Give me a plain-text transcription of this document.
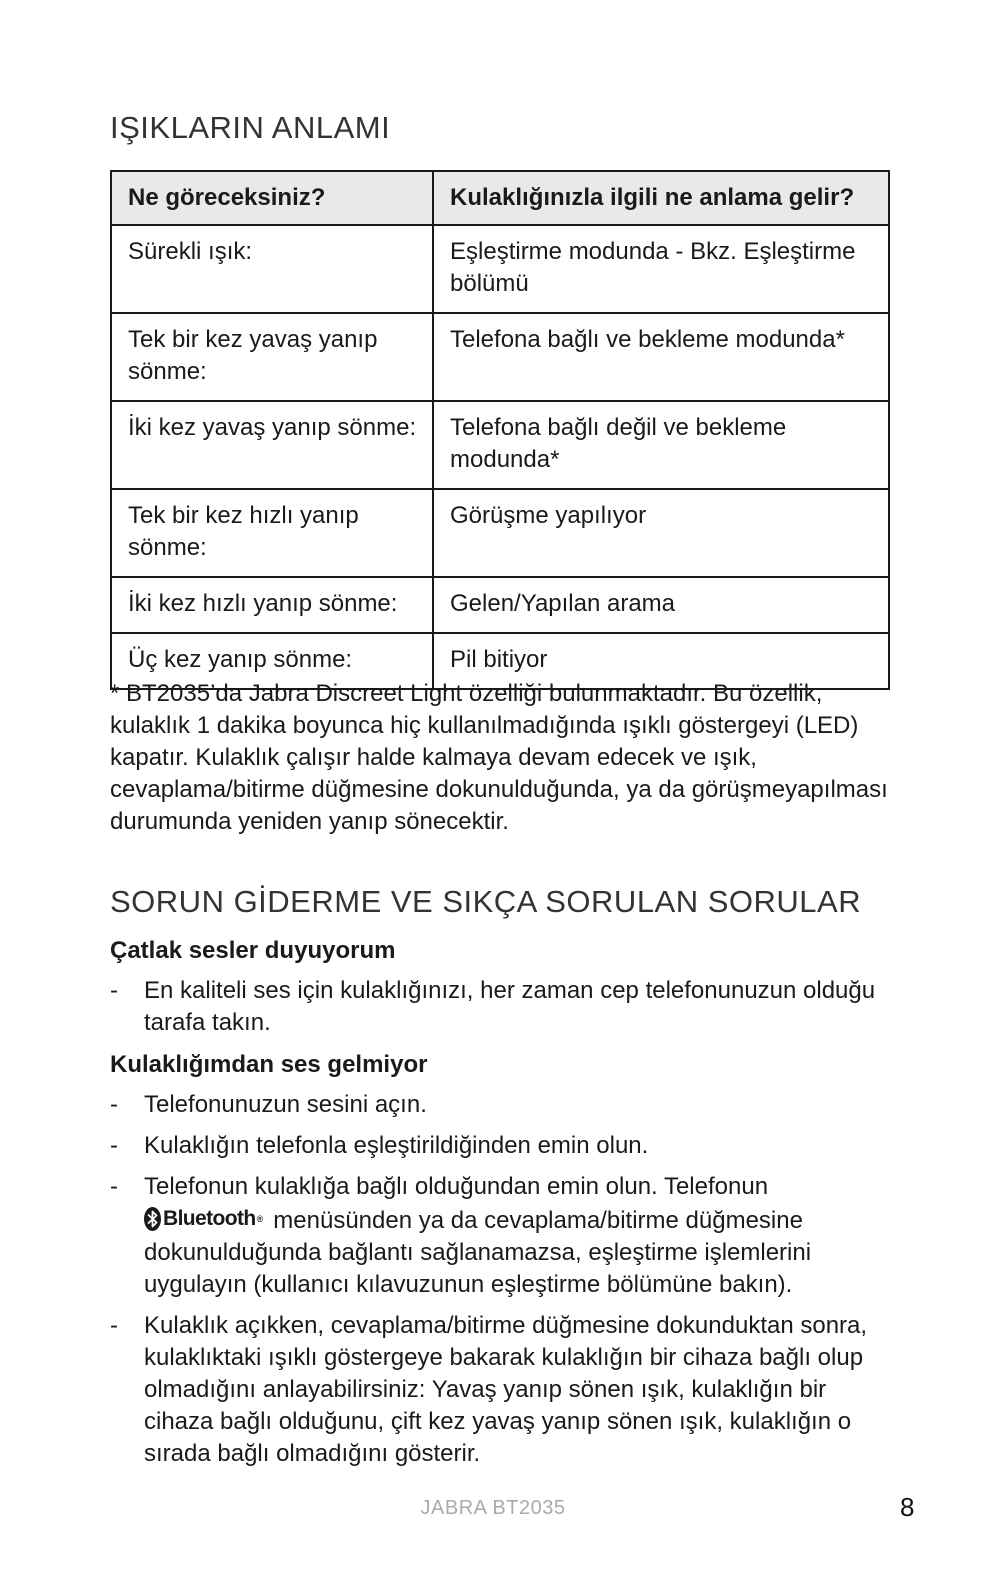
IŞIKLARIN ANLAMI
Ne göreceksiniz?	Kulaklığınızla ilgili ne anlama gelir?
Sürekli ışık:	Eşleştirme modunda - Bkz. Eşleştirme bölümü
Tek bir kez yavaş yanıp sönme:	Telefona bağlı ve bekleme modunda*
İki kez yavaş yanıp sönme:	Telefona bağlı değil ve bekleme modunda*
Tek bir kez hızlı yanıp sönme:	Görüşme yapılıyor
İki kez hızlı yanıp sönme:	Gelen/Yapılan arama
Üç kez yanıp sönme:	Pil bitiyor
* BT2035’da Jabra Discreet Light özelliği bulunmaktadır. Bu özellik, kulaklık 1 dakika boyunca hiç kullanılmadığında ışıklı göstergeyi (LED) kapatır. Kulaklık çalışır halde kalmaya devam edecek ve ışık, cevaplama/bitirme düğmesine dokunulduğunda, ya da görüşmeyapılması durumunda yeniden yanıp sönecektir.
SORUN GİDERME VE SIKÇA SORULAN SORULAR
Çatlak sesler duyuyorum
- En kaliteli ses için kulaklığınızı, her zaman cep telefonunuzun olduğu tarafa takın.
Kulaklığımdan ses gelmiyor
- Telefonunuzun sesini açın.
- Kulaklığın telefonla eşleştirildiğinden emin olun.
- Telefonun kulaklığa bağlı olduğundan emin olun. Telefonun

Bluetooth ® menüsünden ya da cevaplama/bitirme düğmesine dokunulduğunda bağlantı sağlanamazsa, eşleştirme işlemlerini uygulayın (kullanıcı kılavuzunun eşleştirme bölümüne bakın).
- Kulaklık açıkken, cevaplama/bitirme düğmesine dokunduktan sonra, kulaklıktaki ışıklı göstergeye bakarak kulaklığın bir cihaza bağlı olup olmadığını anlayabilirsiniz: Yavaş yanıp sönen ışık, kulaklığın bir cihaza bağlı olduğunu, çift kez yavaş yanıp sönen ışık, kulaklığın o sırada bağlı olmadığını gösterir.
JABRA BT2035	8
